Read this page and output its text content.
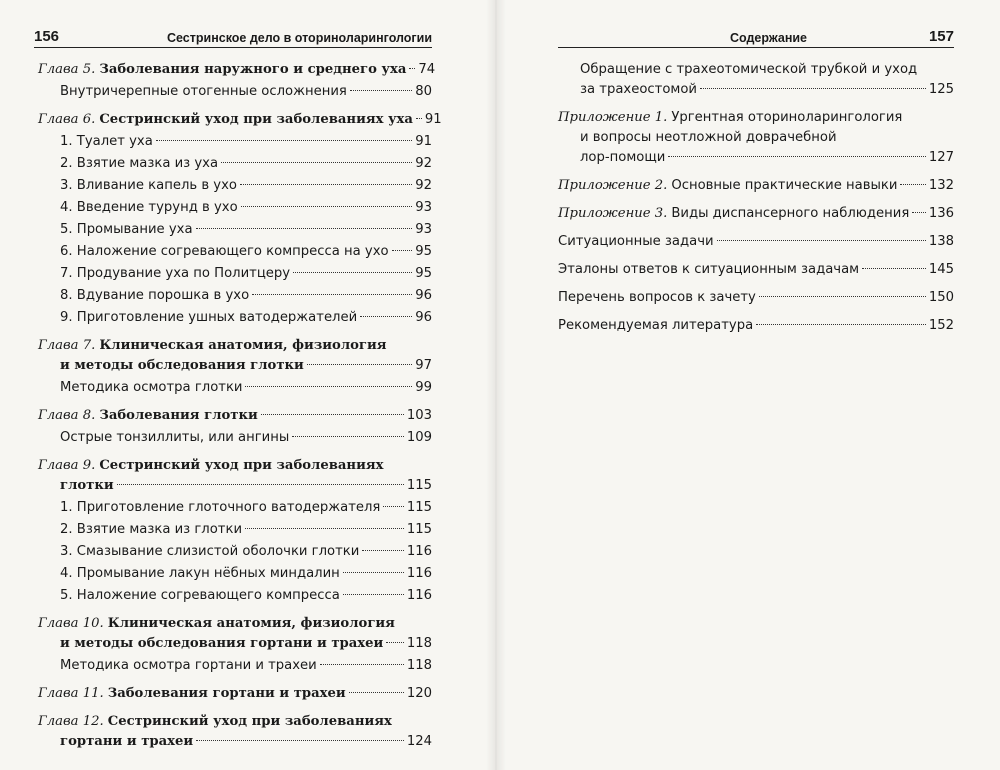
156	Сестринское дело в оториноларингологии
Глава 5. Заболевания наружного и среднего уха 74
Внутричерепные отогенные осложнения	80
Глава 6. Сестринский уход при заболеваниях уха 91
1. Туалет уха	91
2. Взятие мазка из уха	92
3. Вливание капель в ухо	92
4. Введение турунд в ухо	93
5. Промывание уха	93
6. Наложение согревающего компресса на ухо 95
7. Продувание уха по Политцеру	95
8. Вдувание порошка в ухо	96
9. Приготовление ушных ватодержателей	96
Глава 7. Клиническая анатомия, физиология
и методы обследования глотки	97
Методика осмотра глотки	99
Глава 8. Заболевания глотки	103
Острые тонзиллиты, или ангины	109
Глава 9. Сестринский уход при заболеваниях
глотки	115
1. Приготовление глоточного ватодержателя 115
2. Взятие мазка из глотки	115
3. Смазывание слизистой оболочки глотки	116
4. Промывание лакун нёбных миндалин	116
5. Наложение согревающего компресса	116
Глава 10. Клиническая анатомия, физиология
и методы обследования гортани и трахеи 118
Методика осмотра гортани и трахеи	118
Глава 11. Заболевания гортани и трахеи	120
Глава 12. Сестринский уход при заболеваниях
гортани и трахеи	124
Содержание	157
Обращение с трахеотомической трубкой и уход
за трахеостомой	125
Приложение 1. Ургентная оториноларингология
и вопросы неотложной доврачебной
лор-помощи	127
Приложение 2. Основные практические навыки 132
Приложение 3. Виды диспансерного наблюдения 136
Ситуационные задачи	138
Эталоны ответов к ситуационным задачам	145
Перечень вопросов к зачету	150
Рекомендуемая литература	152
